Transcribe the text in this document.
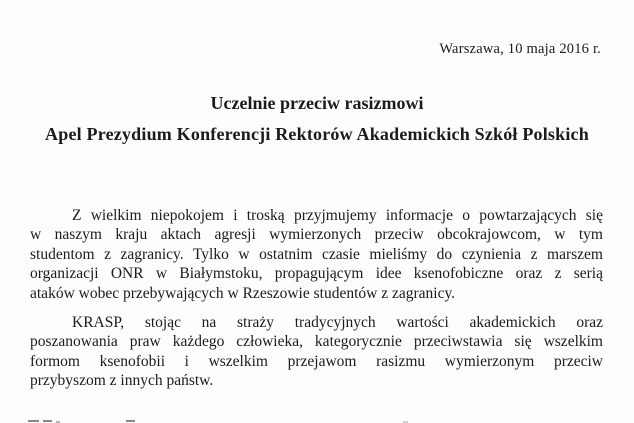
Warszawa, 10 maja 2016 r.
Uczelnie przeciw rasizmowi
Apel Prezydium Konferencji Rektorów Akademickich Szkół Polskich
Z wielkim niepokojem i troską przyjmujemy informacje o powtarzających się
w naszym kraju aktach agresji wymierzonych przeciw obcokrajowcom, w tym
studentom z zagranicy. Tylko w ostatnim czasie mieliśmy do czynienia z marszem
organizacji ONR w Białymstoku, propagującym idee ksenofobiczne oraz z serią
ataków wobec przebywających w Rzeszowie studentów z zagranicy.
KRASP, stojąc na straży tradycyjnych wartości akademickich oraz
poszanowania praw każdego człowieka, kategorycznie przeciwstawia się wszelkim
formom ksenofobii i wszelkim przejawom rasizmu wymierzonym przeciw
przybyszom z innych państw.
